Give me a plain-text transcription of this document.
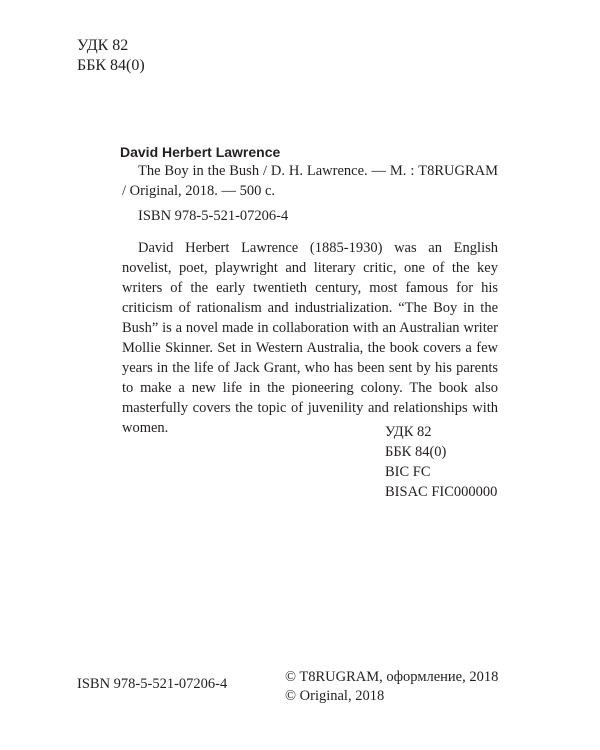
УДК 82
ББК 84(0)
David Herbert Lawrence

The Boy in the Bush / D. H. Lawrence. — М. : T8RUGRAM / Original, 2018. — 500 с.

ISBN 978-5-521-07206-4

David Herbert Lawrence (1885-1930) was an English novelist, poet, playwright and literary critic, one of the key writers of the early twentieth century, most famous for his criticism of rationalism and industrialization. “The Boy in the Bush” is a novel made in collaboration with an Australian writer Mollie Skinner. Set in Western Australia, the book covers a few years in the life of Jack Grant, who has been sent by his parents to make a new life in the pioneering colony. The book also masterfully covers the topic of juvenility and relationships with women.	УДК 82
ББК 84(0)
BIC FC
BISAC FIC000000
ISBN 978-5-521-07206-4	© T8RUGRAM, оформление, 2018
© Original, 2018
